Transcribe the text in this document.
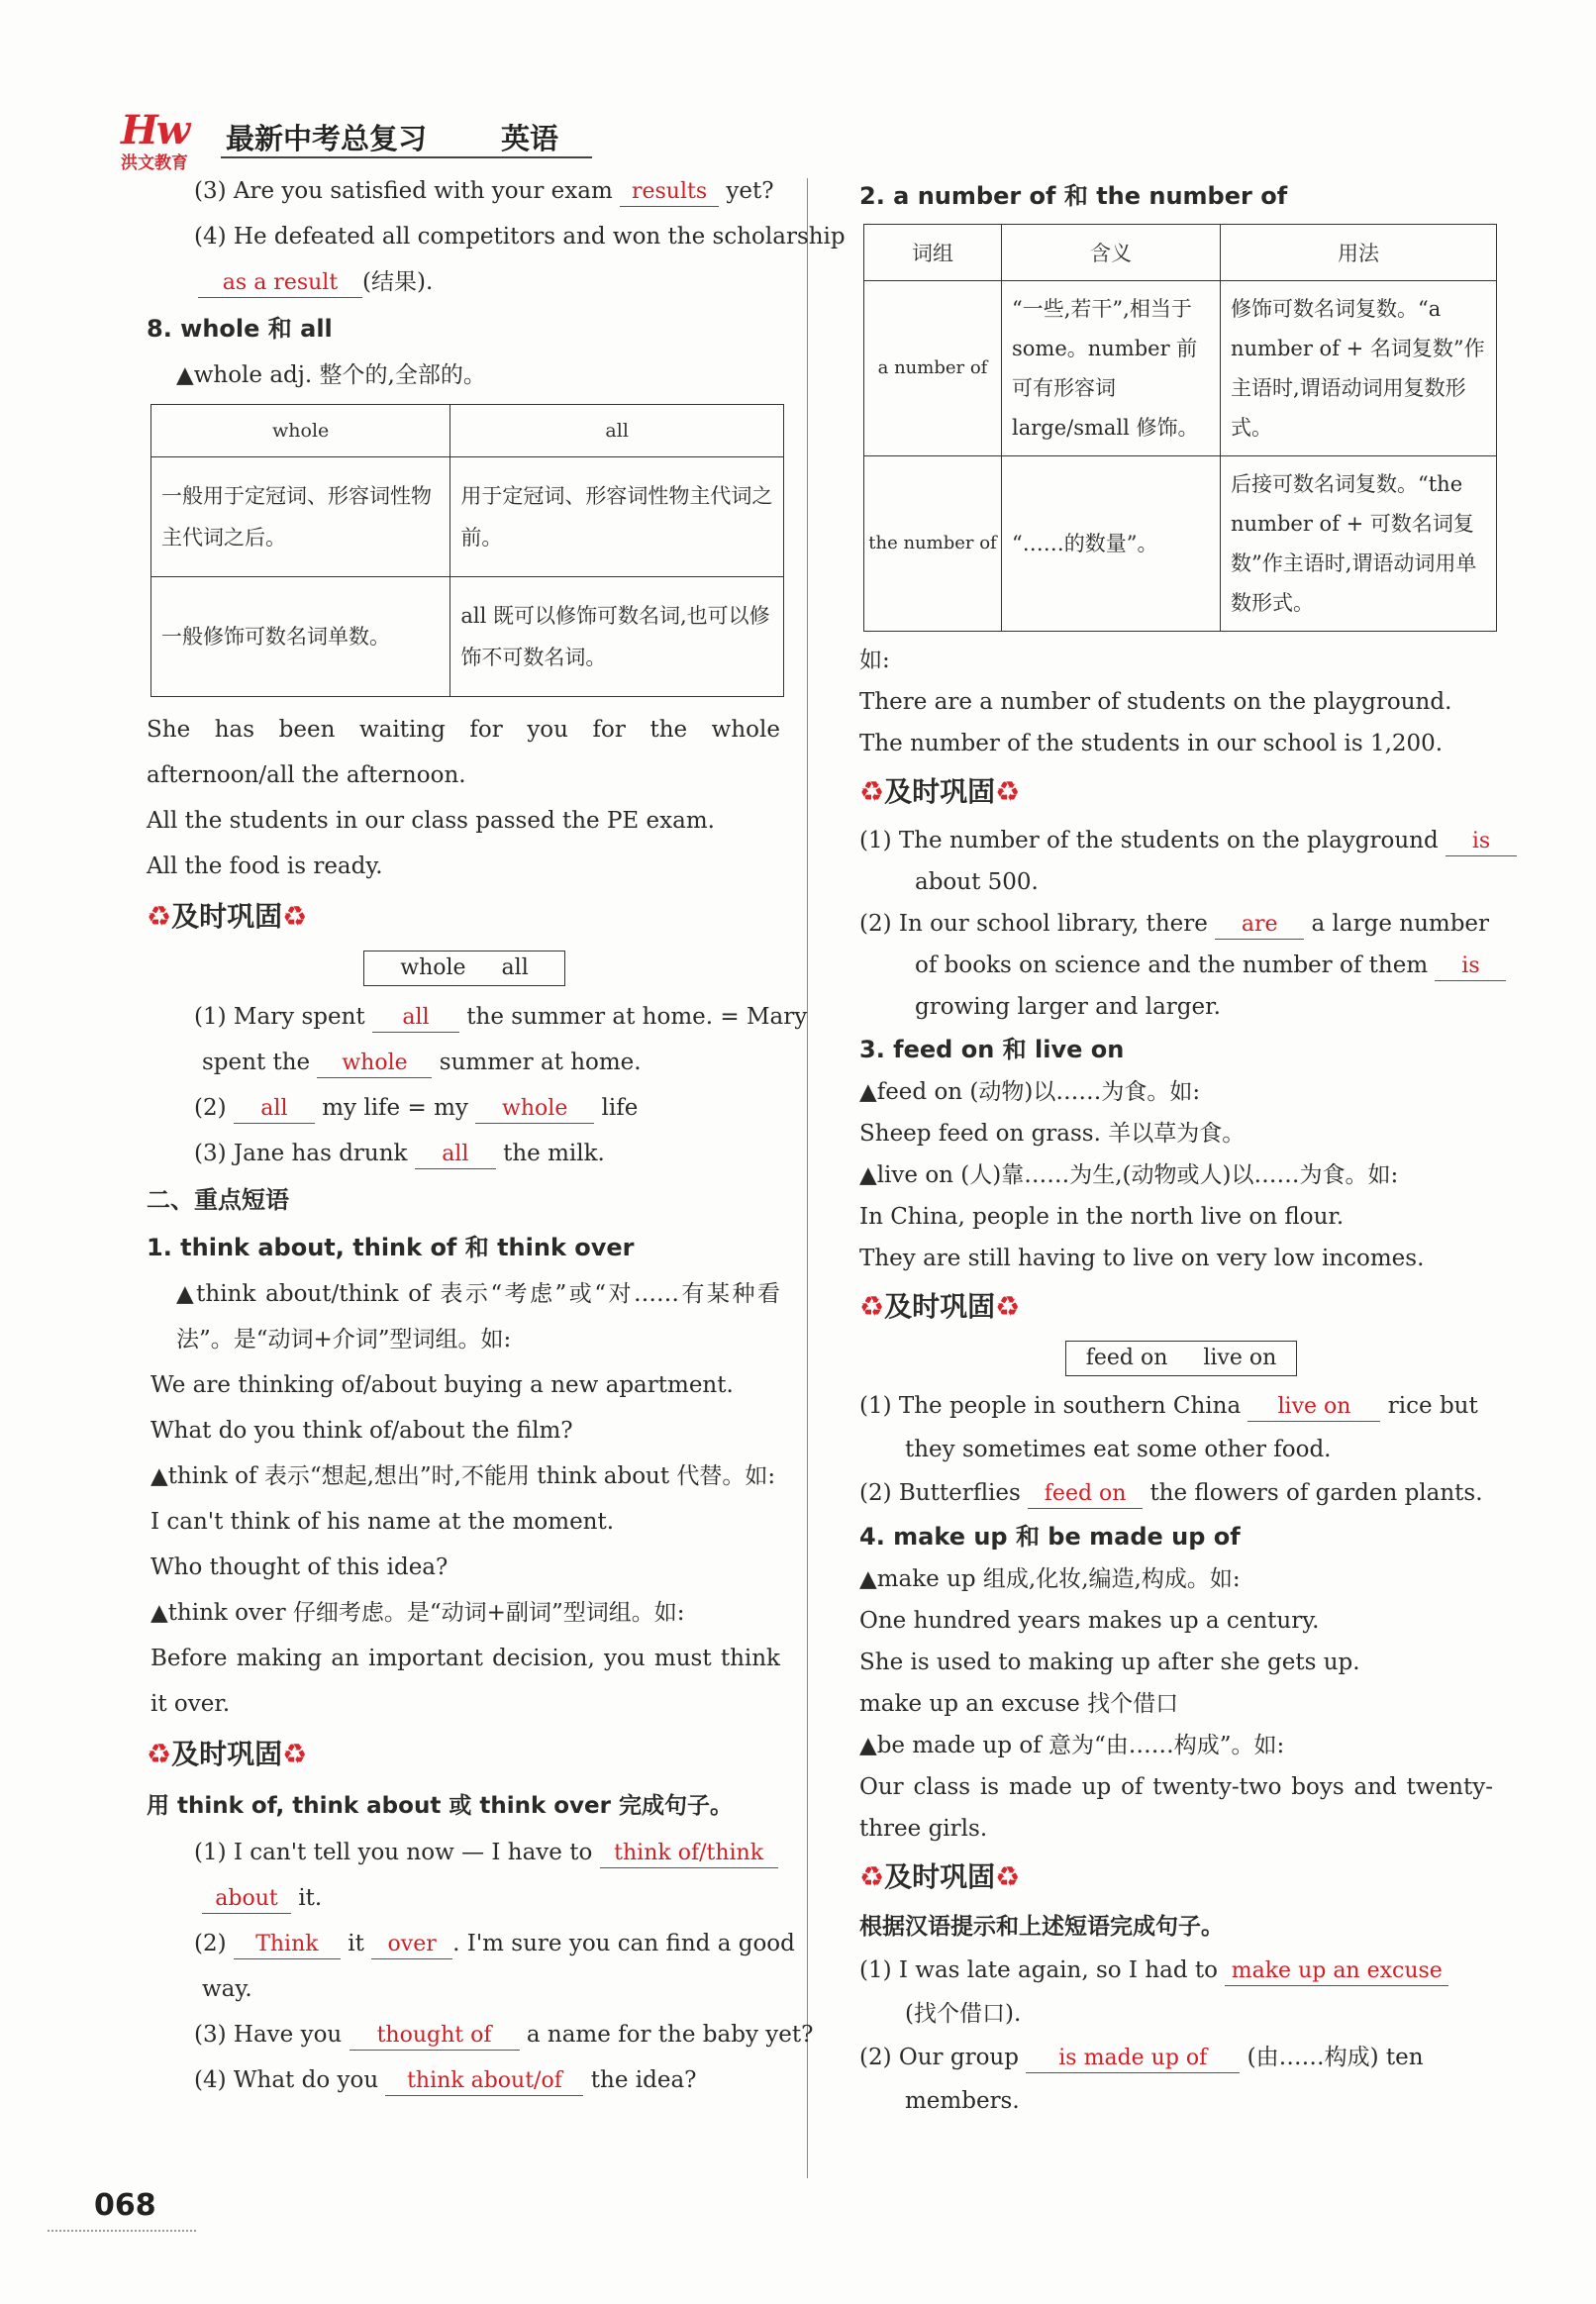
Hw
洪文教育
最新中考总复习	英语
(3) Are you satisfied with your exam results yet?
(4) He defeated all competitors and won the scholarship
as a result (结果).
8. whole 和 all
▲whole adj. 整个的,全部的。
whole	all
一般用于定冠词、形容词性物主代词之后。	用于定冠词、形容词性物主代词之前。
一般修饰可数名词单数。	all 既可以修饰可数名词,也可以修饰不可数名词。
She has been waiting for you for the whole afternoon/all the afternoon.
All the students in our class passed the PE exam.
All the food is ready.
♻及时巩固♻
whole all
(1) Mary spent all the summer at home. = Mary
spent the whole summer at home.
(2) all my life = my whole life
(3) Jane has drunk all the milk.
二、重点短语
1. think about, think of 和 think over
▲think about/think of 表示“考虑”或“对……有某种看法”。是“动词+介词”型词组。如:
We are thinking of/about buying a new apartment.
What do you think of/about the film?
▲think of 表示“想起,想出”时,不能用 think about 代替。如:
I can't think of his name at the moment.
Who thought of this idea?
▲think over 仔细考虑。是“动词+副词”型词组。如:
Before making an important decision, you must think it over.
♻及时巩固♻
用 think of, think about 或 think over 完成句子。
(1) I can't tell you now — I have to think of/think
about it.
(2) Think it over . I'm sure you can find a good
way.
(3) Have you thought of a name for the baby yet?
(4) What do you think about/of the idea?
2. a number of 和 the number of
词组	含义	用法
a number of	“一些,若干”,相当于 some。number 前可有形容词 large/small 修饰。	修饰可数名词复数。“a number of + 名词复数”作主语时,谓语动词用复数形式。
the number of	“……的数量”。	后接可数名词复数。“the number of + 可数名词复数”作主语时,谓语动词用单数形式。
如:
There are a number of students on the playground.
The number of the students in our school is 1,200.
♻及时巩固♻
(1) The number of the students on the playground is
about 500.
(2) In our school library, there are a large number
of books on science and the number of them is
growing larger and larger.
3. feed on 和 live on
▲feed on (动物)以……为食。如:
Sheep feed on grass. 羊以草为食。
▲live on (人)靠……为生,(动物或人)以……为食。如:
In China, people in the north live on flour.
They are still having to live on very low incomes.
♻及时巩固♻
feed on live on
(1) The people in southern China live on rice but
they sometimes eat some other food.
(2) Butterflies feed on the flowers of garden plants.
4. make up 和 be made up of
▲make up 组成,化妆,编造,构成。如:
One hundred years makes up a century.
She is used to making up after she gets up.
make up an excuse 找个借口
▲be made up of 意为“由……构成”。如:
Our class is made up of twenty-two boys and twenty-three girls.
♻及时巩固♻
根据汉语提示和上述短语完成句子。
(1) I was late again, so I had to make up an excuse
(找个借口).
(2) Our group is made up of (由……构成) ten
members.
068
